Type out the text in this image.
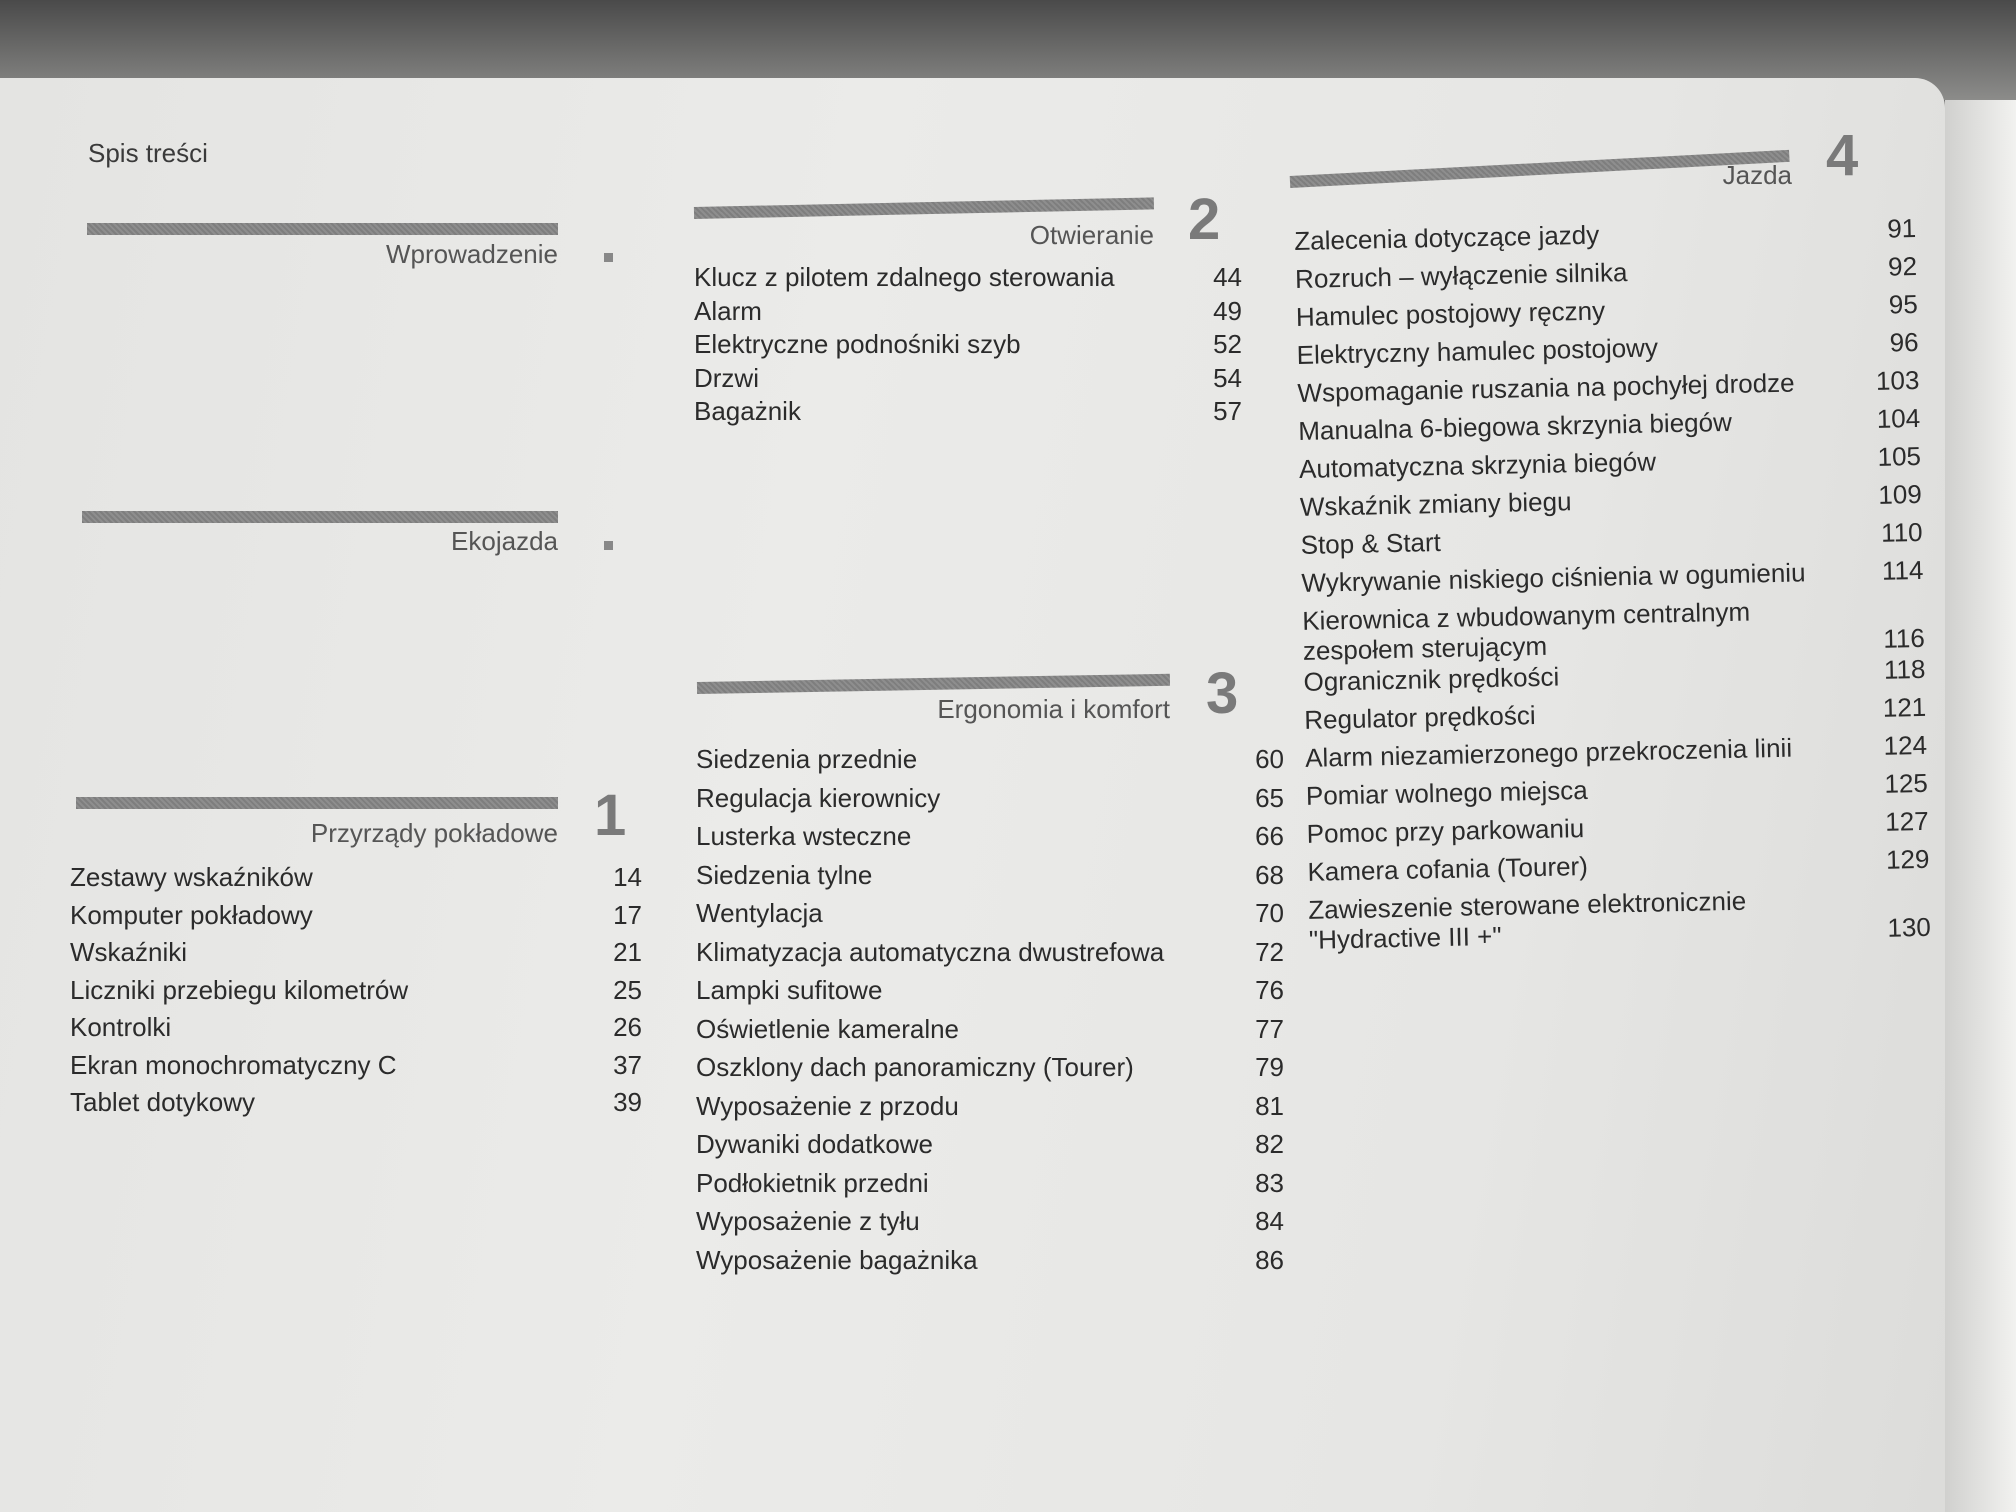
Spis treści
Wprowadzenie
Ekojazda
Przyrządy pokładowe 1
Zestawy wskaźników	14
Komputer pokładowy	17
Wskaźniki	21
Liczniki przebiegu kilometrów	25
Kontrolki	26
Ekran monochromatyczny C	37
Tablet dotykowy	39
Otwieranie 2
Klucz z pilotem zdalnego sterowania	44
Alarm	49
Elektryczne podnośniki szyb	52
Drzwi	54
Bagażnik	57
Ergonomia i komfort 3
Siedzenia przednie	60
Regulacja kierownicy	65
Lusterka wsteczne	66
Siedzenia tylne	68
Wentylacja	70
Klimatyzacja automatyczna dwustrefowa	72
Lampki sufitowe	76
Oświetlenie kameralne	77
Oszklony dach panoramiczny (Tourer)	79
Wyposażenie z przodu	81
Dywaniki dodatkowe	82
Podłokietnik przedni	83
Wyposażenie z tyłu	84
Wyposażenie bagażnika	86
Jazda 4
Zalecenia dotyczące jazdy	91
Rozruch – wyłączenie silnika	92
Hamulec postojowy ręczny	95
Elektryczny hamulec postojowy	96
Wspomaganie ruszania na pochyłej drodze	103
Manualna 6-biegowa skrzynia biegów	104
Automatyczna skrzynia biegów	105
Wskaźnik zmiany biegu	109
Stop & Start	110
Wykrywanie niskiego ciśnienia w ogumieniu	114
Kierownica z wbudowanym centralnym zespołem sterującym	116
Ogranicznik prędkości	118
Regulator prędkości	121
Alarm niezamierzonego przekroczenia linii	124
Pomiar wolnego miejsca	125
Pomoc przy parkowaniu	127
Kamera cofania (Tourer)	129
Zawieszenie sterowane elektronicznie "Hydractive III +"	130
